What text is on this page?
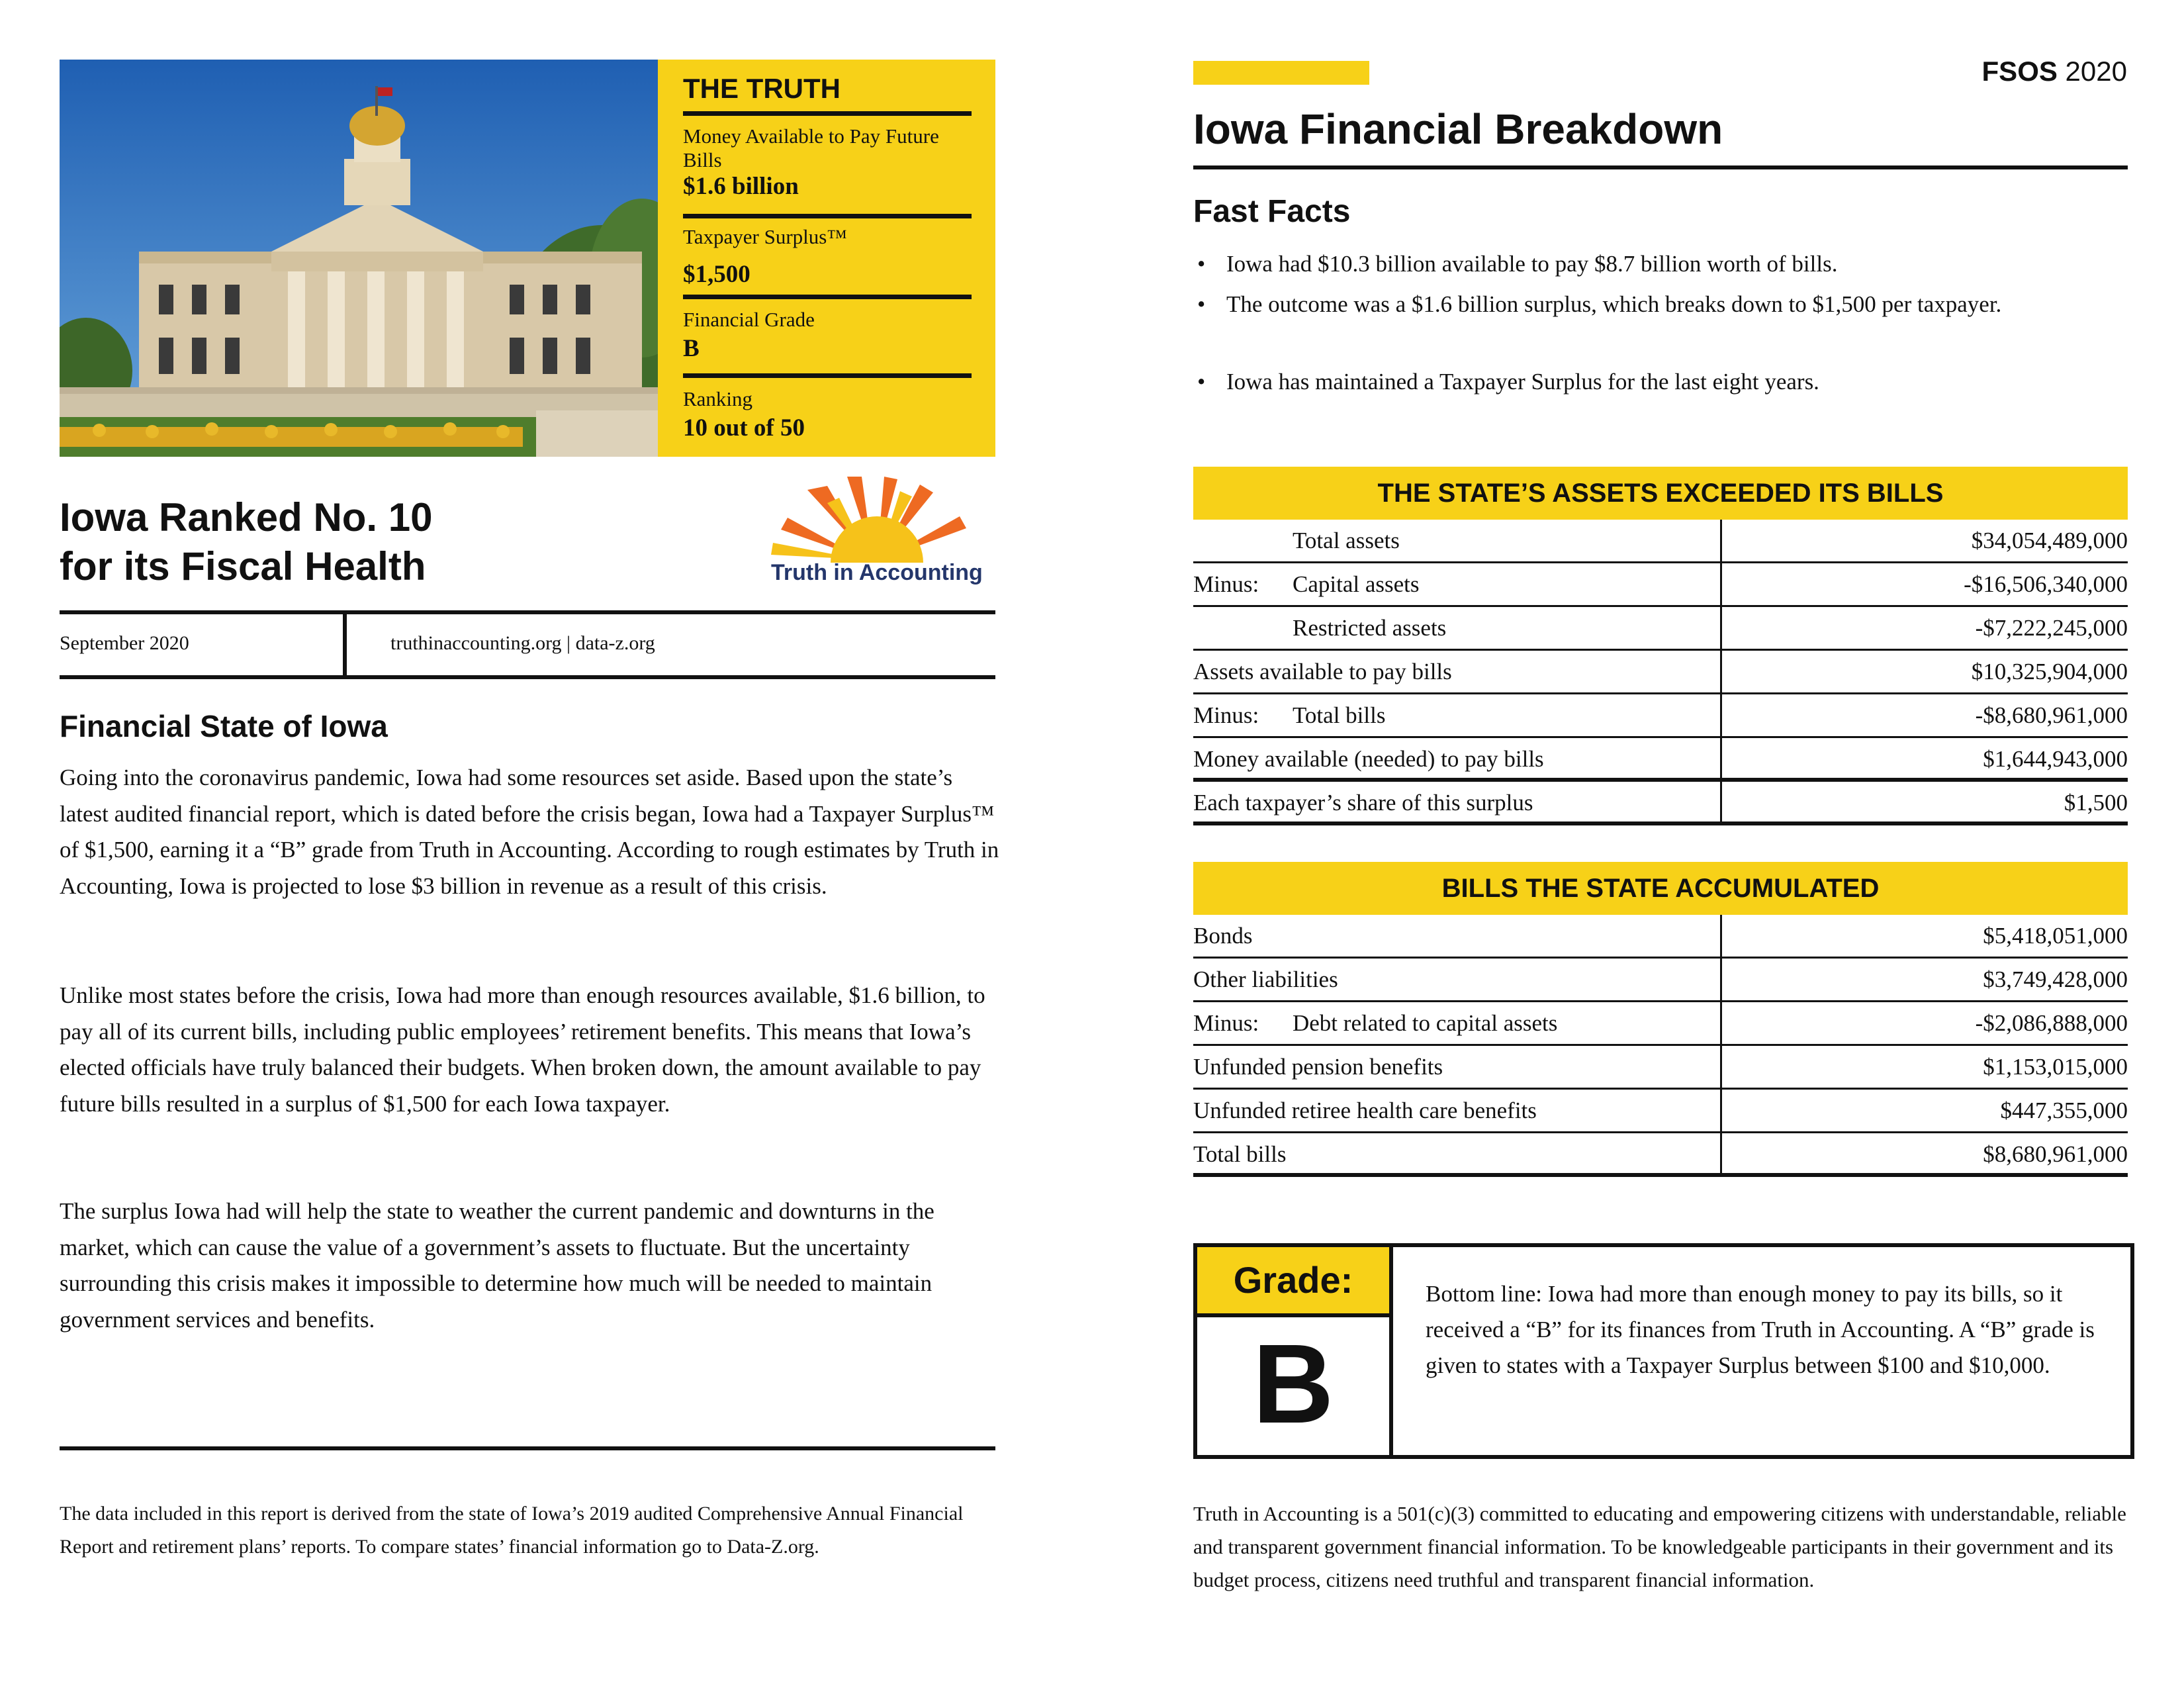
THE TRUTH
Money Available to Pay Future Bills
$1.6 billion
Taxpayer Surplus™
$1,500
Financial Grade
B
Ranking
10 out of 50
Iowa Ranked No. 10
for its Fiscal Health	Truth in Accounting
September 2020	truthinaccounting.org | data-z.org
Financial State of Iowa
Going into the coronavirus pandemic, Iowa had some resources set aside. Based upon the state’s latest audited financial report, which is dated before the crisis began, Iowa had a Taxpayer Surplus™ of $1,500, earning it a “B” grade from Truth in Accounting. According to rough estimates by Truth in Accounting, Iowa is projected to lose $3 billion in revenue as a result of this crisis.
Unlike most states before the crisis, Iowa had more than enough resources available, $1.6 billion, to pay all of its current bills, including public employees’ retirement benefits. This means that Iowa’s elected officials have truly balanced their budgets. When broken down, the amount available to pay future bills resulted in a surplus of $1,500 for each Iowa taxpayer.
The surplus Iowa had will help the state to weather the current pandemic and downturns in the market, which can cause the value of a government’s assets to fluctuate. But the uncertainty surrounding this crisis makes it impossible to determine how much will be needed to maintain government services and benefits.
The data included in this report is derived from the state of Iowa’s 2019 audited Comprehensive Annual Financial Report and retirement plans’ reports. To compare states’ financial information go to Data-Z.org.
FSOS 2020
Iowa Financial Breakdown
Fast Facts
• Iowa had $10.3 billion available to pay $8.7 billion worth of bills.
• The outcome was a $1.6 billion surplus, which breaks down to $1,500 per taxpayer.
• Iowa has maintained a Taxpayer Surplus for the last eight years.
THE STATE’S ASSETS EXCEEDED ITS BILLS
Total assets	$34,054,489,000
Minus: Capital assets	-$16,506,340,000
Restricted assets	-$7,222,245,000
Assets available to pay bills	$10,325,904,000
Minus: Total bills	-$8,680,961,000
Money available (needed) to pay bills	$1,644,943,000
Each taxpayer’s share of this surplus	$1,500
BILLS THE STATE ACCUMULATED
Bonds	$5,418,051,000
Other liabilities	$3,749,428,000
Minus: Debt related to capital assets	-$2,086,888,000
Unfunded pension benefits	$1,153,015,000
Unfunded retiree health care benefits	$447,355,000
Total bills	$8,680,961,000
Grade:
B
Bottom line: Iowa had more than enough money to pay its bills, so it received a “B” for its finances from Truth in Accounting. A “B” grade is given to states with a Taxpayer Surplus between $100 and $10,000.
Truth in Accounting is a 501(c)(3) committed to educating and empowering citizens with understandable, reliable and transparent government financial information. To be knowledgeable participants in their government and its budget process, citizens need truthful and transparent financial information.
